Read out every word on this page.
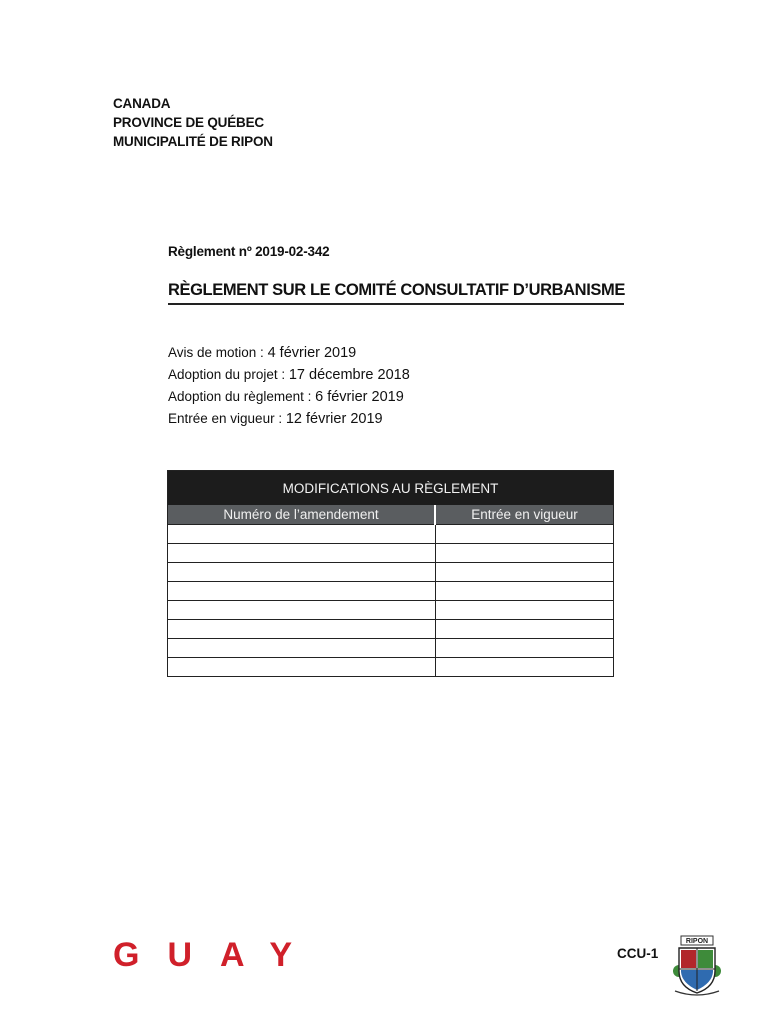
CANADA
PROVINCE DE QUÉBEC
MUNICIPALITÉ DE RIPON
Règlement nº 2019-02-342
RÈGLEMENT SUR LE COMITÉ CONSULTATIF D’URBANISME
Avis de motion : 4 février 2019
Adoption du projet : 17 décembre 2018
Adoption du règlement : 6 février 2019
Entrée en vigueur : 12 février 2019
MODIFICATIONS AU RÈGLEMENT	
Numéro de l’amendement	Entrée en vigueur

GUAY	CCU-1
RIPON
